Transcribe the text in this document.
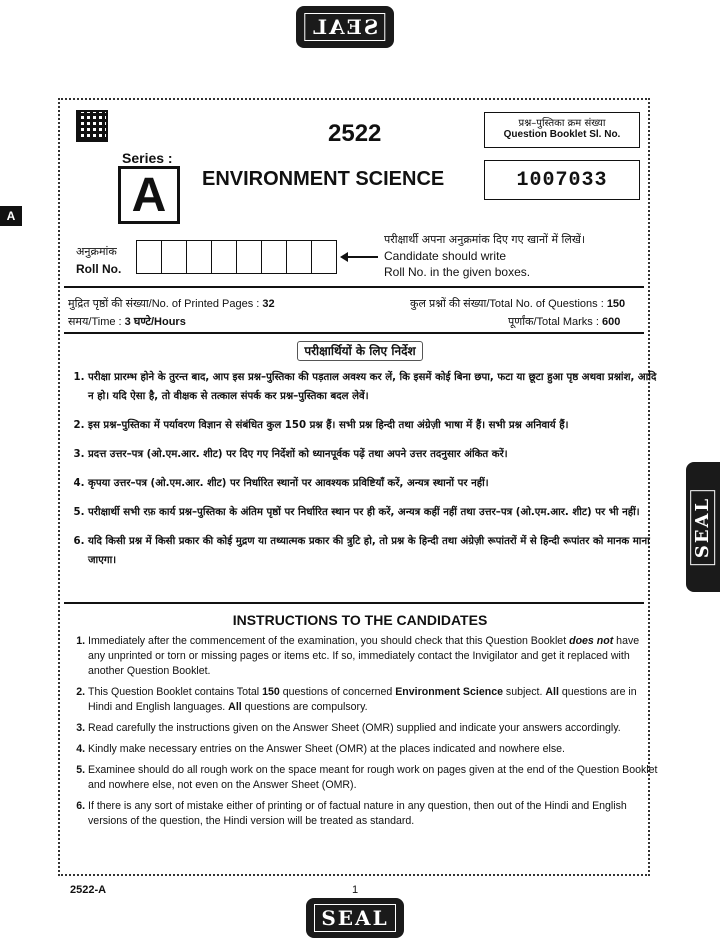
SEAL
A
SEAL
2522	प्रश्न–पुस्तिका क्रम संख्या
Question Booklet Sl. No.
1007033
Series :
A	ENVIRONMENT SCIENCE
अनुक्रमांक
Roll No.
परीक्षार्थी अपना अनुक्रमांक दिए गए खानों में लिखें।
Candidate should write
Roll No. in the given boxes.
मुद्रित पृष्ठों की संख्या/No. of Printed Pages : 32	कुल प्रश्नों की संख्या/Total No. of Questions : 150
समय/Time : 3 घण्टे/Hours	पूर्णांक/Total Marks : 600
परीक्षार्थियों के लिए निर्देश
1. परीक्षा प्रारम्भ होने के तुरन्त बाद, आप इस प्रश्न–पुस्तिका की पड़ताल अवश्य कर लें, कि इसमें कोई बिना छपा, फटा या छूटा हुआ पृष्ठ अथवा प्रश्नांश, आदि न हो। यदि ऐसा है, तो वीक्षक से तत्काल संपर्क कर प्रश्न–पुस्तिका बदल लेवें।
2. इस प्रश्न–पुस्तिका में पर्यावरण विज्ञान से संबंधित कुल 150 प्रश्न हैं। सभी प्रश्न हिन्दी तथा अंग्रेज़ी भाषा में हैं। सभी प्रश्न अनिवार्य हैं।
3. प्रदत्त उत्तर–पत्र (ओ.एम.आर. शीट) पर दिए गए निर्देशों को ध्यानपूर्वक पढ़ें तथा अपने उत्तर तदनुसार अंकित करें।
4. कृपया उत्तर–पत्र (ओ.एम.आर. शीट) पर निर्धारित स्थानों पर आवश्यक प्रविष्टियाँ करें, अन्यत्र स्थानों पर नहीं।
5. परीक्षार्थी सभी रफ़ कार्य प्रश्न–पुस्तिका के अंतिम पृष्ठों पर निर्धारित स्थान पर ही करें, अन्यत्र कहीं नहीं तथा उत्तर–पत्र (ओ.एम.आर. शीट) पर भी नहीं।
6. यदि किसी प्रश्न में किसी प्रकार की कोई मुद्रण या तथ्यात्मक प्रकार की त्रुटि हो, तो प्रश्न के हिन्दी तथा अंग्रेज़ी रूपांतरों में से हिन्दी रूपांतर को मानक माना जाएगा।
INSTRUCTIONS TO THE CANDIDATES
1. Immediately after the commencement of the examination, you should check that this Question Booklet does not have any unprinted or torn or missing pages or items etc. If so, immediately contact the Invigilator and get it replaced with another Question Booklet.
2. This Question Booklet contains Total 150 questions of concerned Environment Science subject. All questions are in Hindi and English languages. All questions are compulsory.
3. Read carefully the instructions given on the Answer Sheet (OMR) supplied and indicate your answers accordingly.
4. Kindly make necessary entries on the Answer Sheet (OMR) at the places indicated and nowhere else.
5. Examinee should do all rough work on the space meant for rough work on pages given at the end of the Question Booklet and nowhere else, not even on the Answer Sheet (OMR).
6. If there is any sort of mistake either of printing or of factual nature in any question, then out of the Hindi and English versions of the question, the Hindi version will be treated as standard.
2522-A	1
SEAL
